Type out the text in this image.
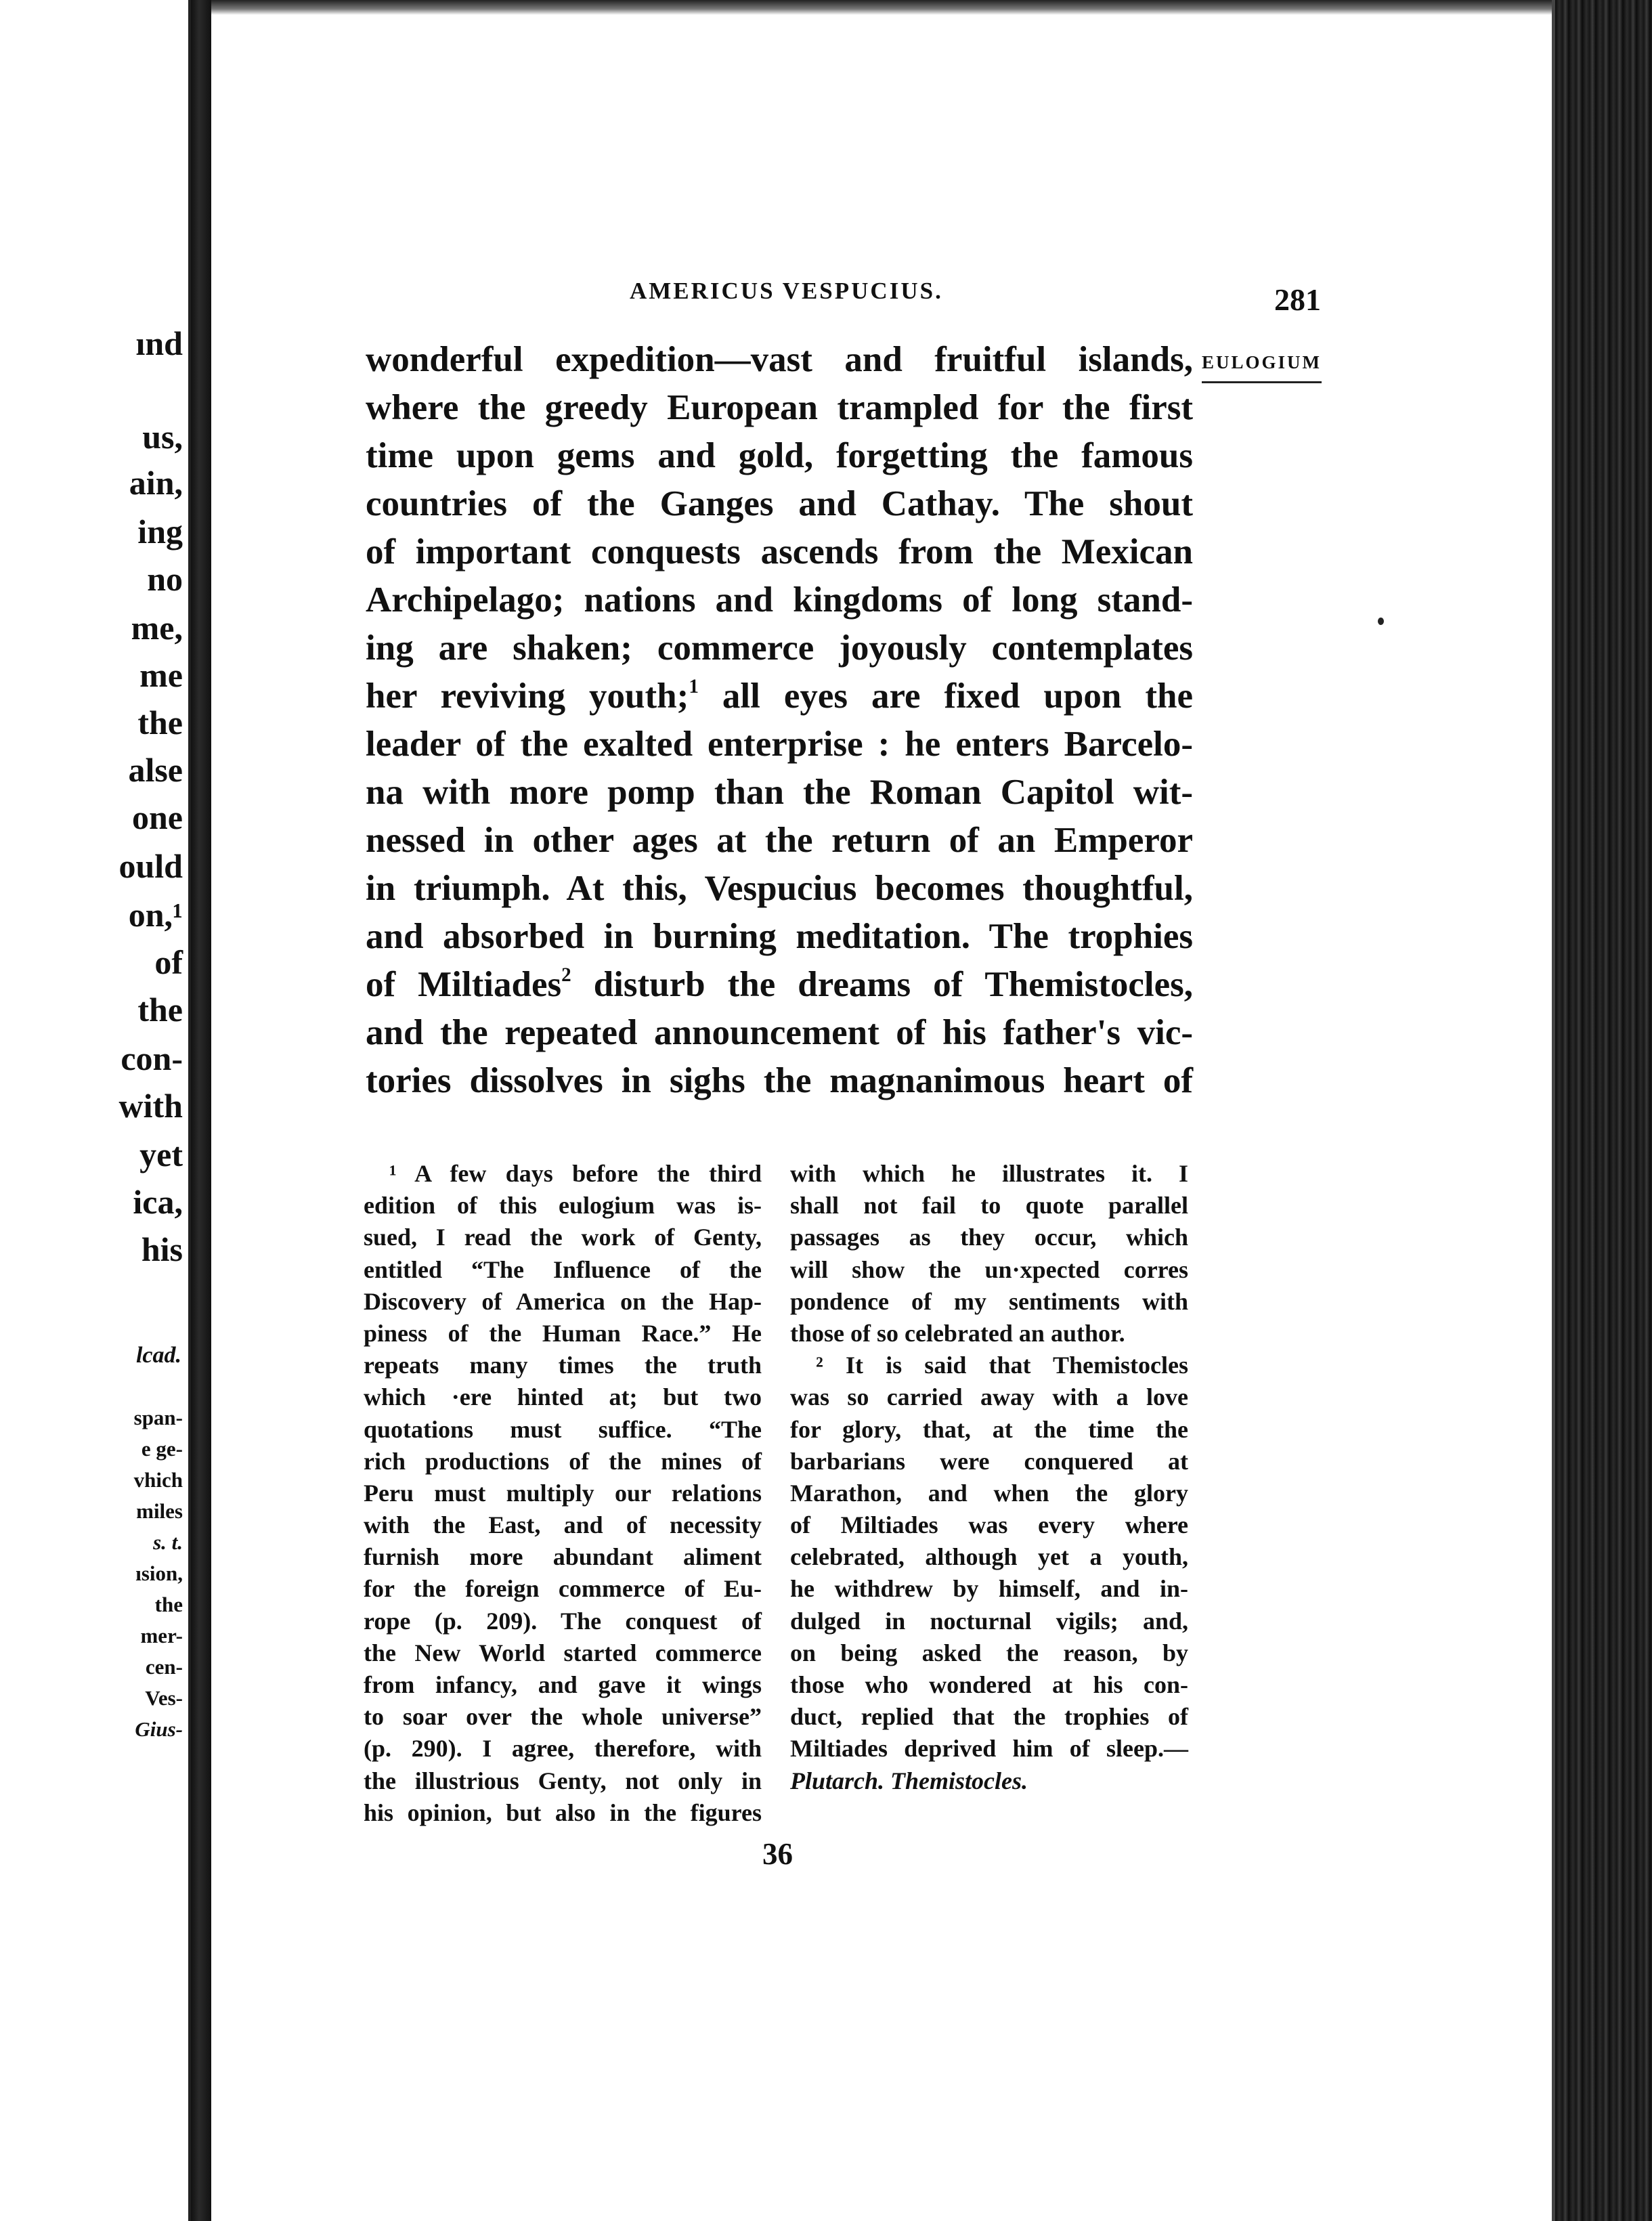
ınd
us,
ain,
ing
no
me,
me
the
alse
one
ould
on,¹
of
the
con-
with
yet
ica,
his
lcad.
span-
e ge-
vhich
miles
s. t.
ısion,
the
mer-
cen-
Ves-
Gius-
AMERICUS VESPUCIUS.	281
EULOGIUM
wonderful expedition—vast and fruitful islands,
where the greedy European trampled for the first
time upon gems and gold, forgetting the famous
countries of the Ganges and Cathay. The shout
of important conquests ascends from the Mexican
Archipelago; nations and kingdoms of long stand-
ing are shaken; commerce joyously contemplates
her reviving youth;$^1$ all eyes are fixed upon the
leader of the exalted enterprise : he enters Barcelo-
na with more pomp than the Roman Capitol wit-
nessed in other ages at the return of an Emperor
in triumph. At this, Vespucius becomes thoughtful,
and absorbed in burning meditation. The trophies
of Miltiades$^2$ disturb the dreams of Themistocles,
and the repeated announcement of his father's vic-
tories dissolves in sighs the magnanimous heart of
¹ A few days before the third
edition of this eulogium was is-
sued, I read the work of Genty,
entitled “The Influence of the
Discovery of America on the Hap-
piness of the Human Race.” He
repeats many times the truth
which ·ere hinted at; but two
quotations must suffice. “The
rich productions of the mines of
Peru must multiply our relations
with the East, and of necessity
furnish more abundant aliment
for the foreign commerce of Eu-
rope (p. 209). The conquest of
the New World started commerce
from infancy, and gave it wings
to soar over the whole universe”
(p. 290). I agree, therefore, with
the illustrious Genty, not only in
his opinion, but also in the figures
with which he illustrates it. I
shall not fail to quote parallel
passages as they occur, which
will show the un·xpected corres
pondence of my sentiments with
those of so celebrated an author.
² It is said that Themistocles
was so carried away with a love
for glory, that, at the time the
barbarians were conquered at
Marathon, and when the glory
of Miltiades was every where
celebrated, although yet a youth,
he withdrew by himself, and in-
dulged in nocturnal vigils; and,
on being asked the reason, by
those who wondered at his con-
duct, replied that the trophies of
Miltiades deprived him of sleep.—
Plutarch. Themistocles.
36
